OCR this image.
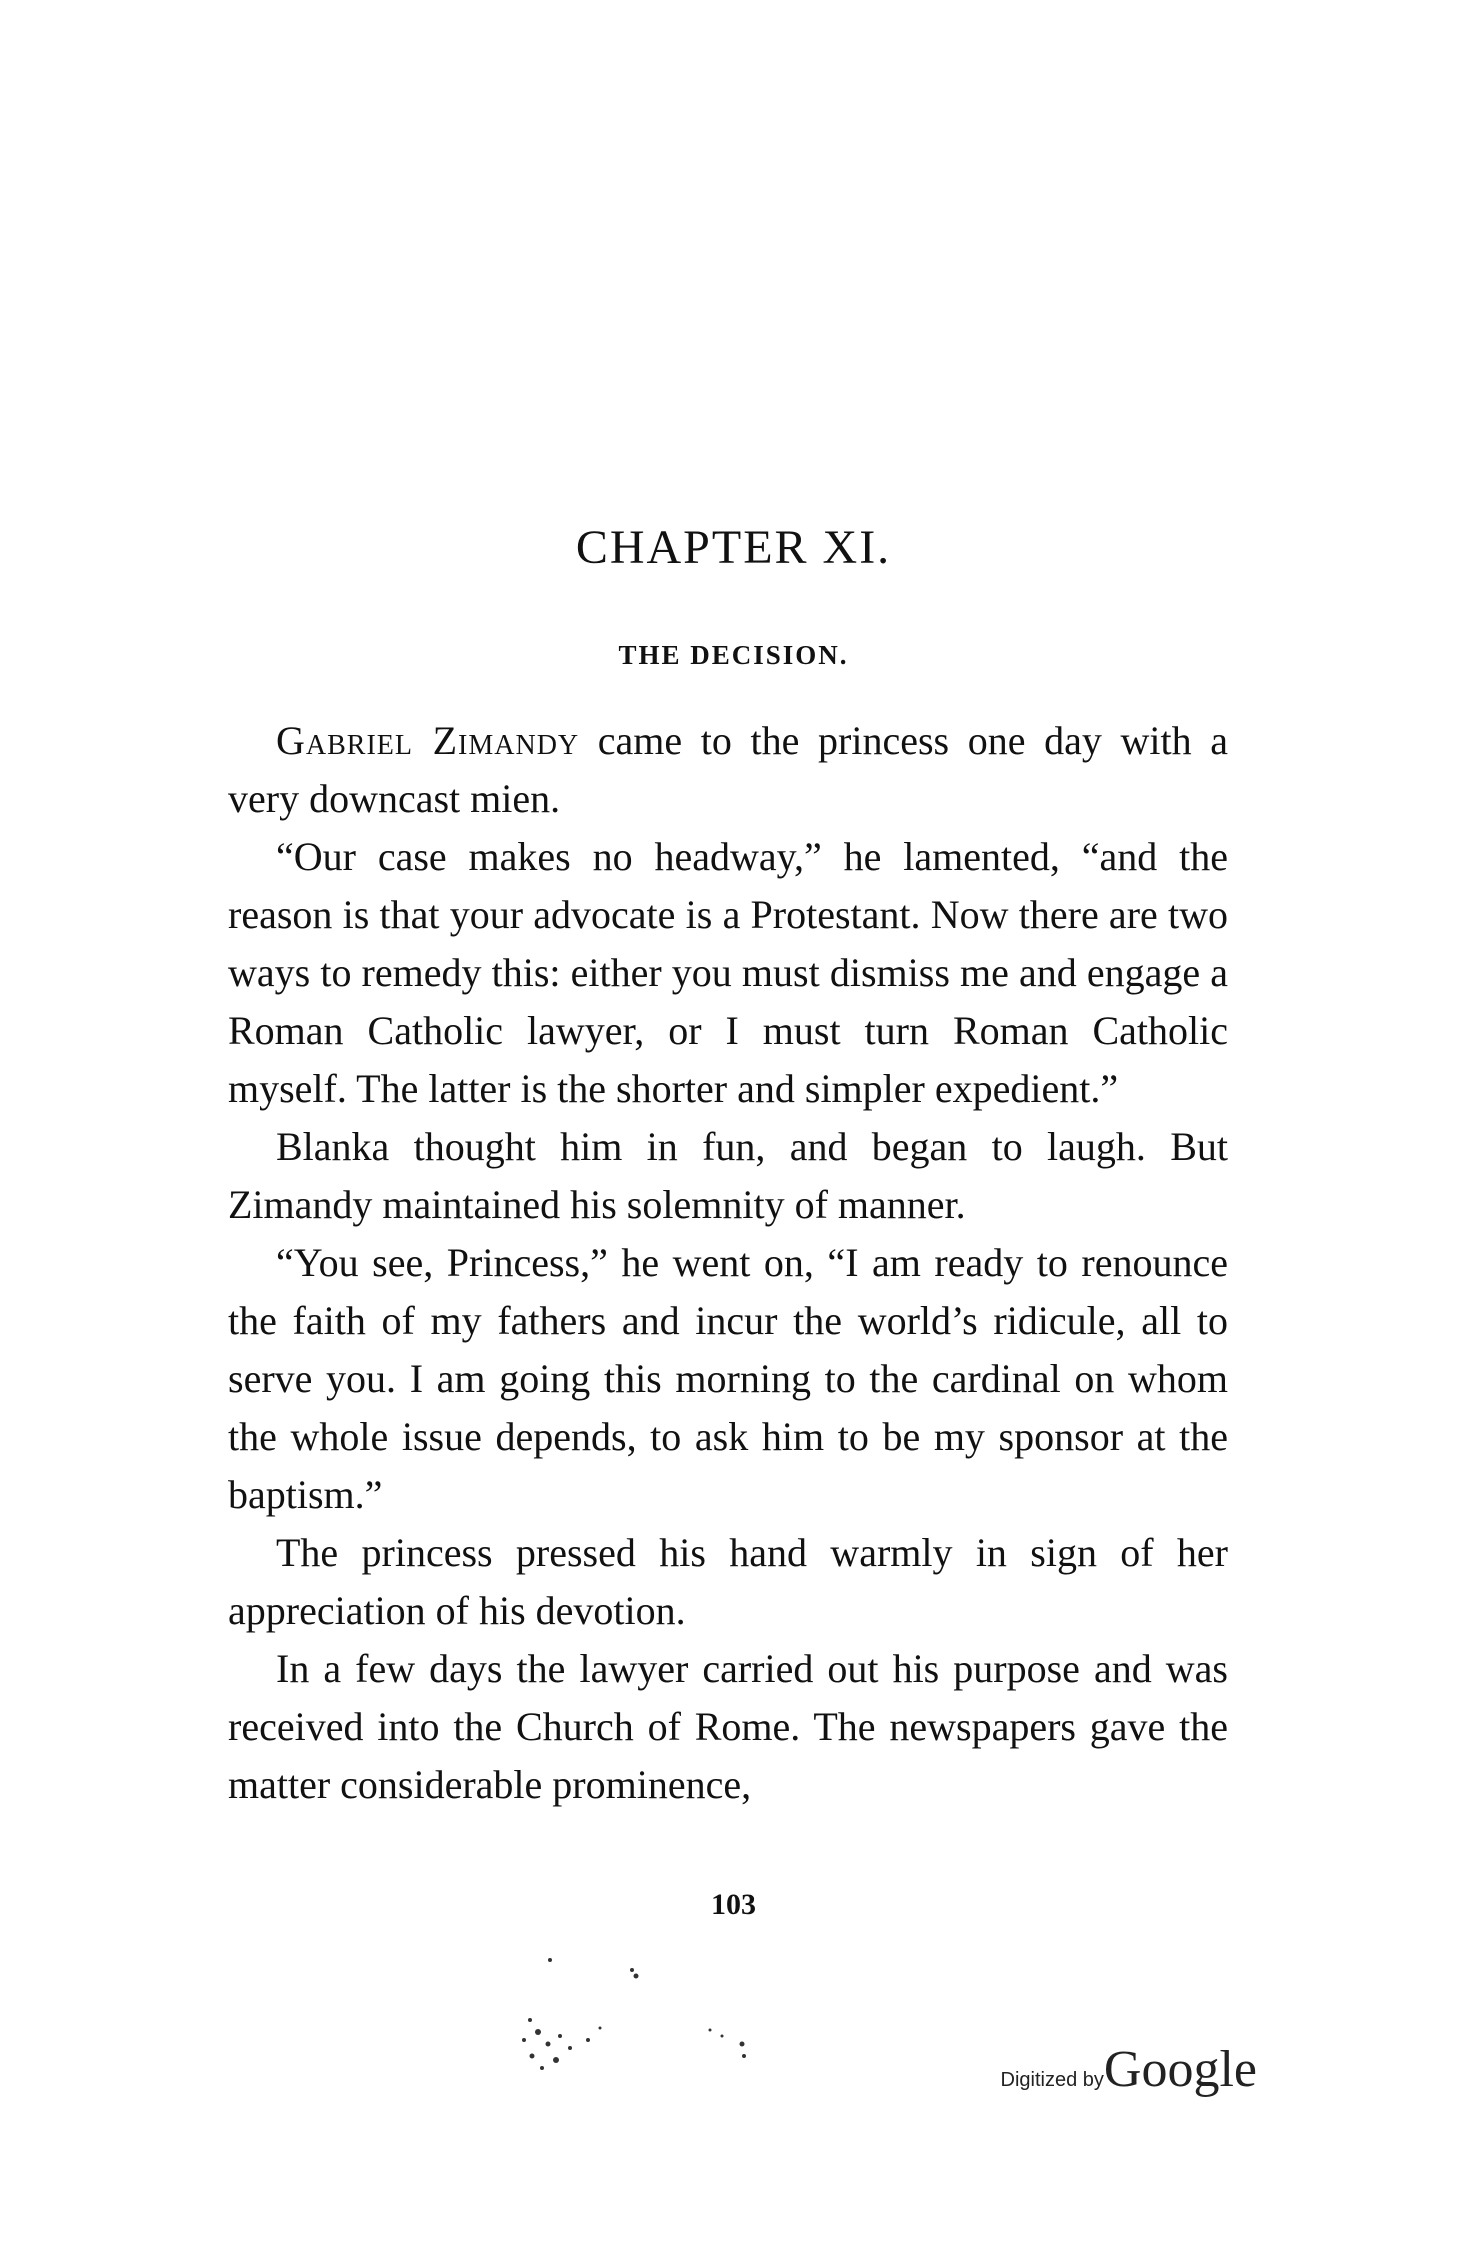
CHAPTER XI.
THE DECISION.

Gabriel Zimandy came to the princess one day with a very downcast mien.

“Our case makes no headway,” he lamented, “and the reason is that your advocate is a Protestant. Now there are two ways to remedy this: either you must dismiss me and engage a Roman Catholic lawyer, or I must turn Roman Catholic myself. The latter is the shorter and simpler expedient.”

Blanka thought him in fun, and began to laugh. But Zimandy maintained his solemnity of manner.

“You see, Princess,” he went on, “I am ready to renounce the faith of my fathers and incur the world’s ridicule, all to serve you. I am going this morning to the cardinal on whom the whole issue depends, to ask him to be my sponsor at the baptism.”

The princess pressed his hand warmly in sign of her appreciation of his devotion.

In a few days the lawyer carried out his purpose and was received into the Church of Rome. The newspapers gave the matter considerable prominence,

103
Digitized byGoogle
